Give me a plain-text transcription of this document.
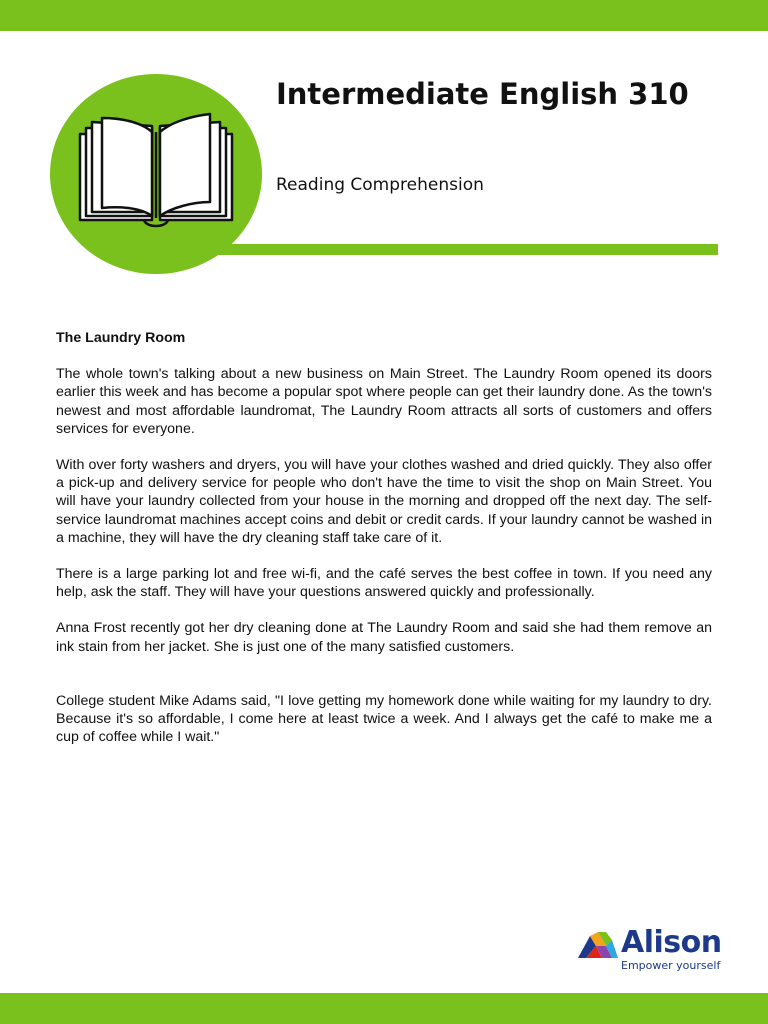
Intermediate English 310
Reading Comprehension
The Laundry Room

The whole town's talking about a new business on Main Street. The Laundry Room opened its doors earlier this week and has become a popular spot where people can get their laundry done. As the town's newest and most affordable laundromat, The Laundry Room attracts all sorts of customers and offers services for everyone.

With over forty washers and dryers, you will have your clothes washed and dried quickly. They also offer a pick-up and delivery service for people who don't have the time to visit the shop on Main Street. You will have your laundry collected from your house in the morning and dropped off the next day. The self-service laundromat machines accept coins and debit or credit cards. If your laundry cannot be washed in a machine, they will have the dry cleaning staff take care of it.

There is a large parking lot and free wi-fi, and the café serves the best coffee in town. If you need any help, ask the staff. They will have your questions answered quickly and professionally.

Anna Frost recently got her dry cleaning done at The Laundry Room and said she had them remove an ink stain from her jacket. She is just one of the many satisfied customers.

College student Mike Adams said, "I love getting my homework done while waiting for my laundry to dry. Because it's so affordable, I come here at least twice a week. And I always get the café to make me a cup of coffee while I wait."

Alison
Empower yourself
